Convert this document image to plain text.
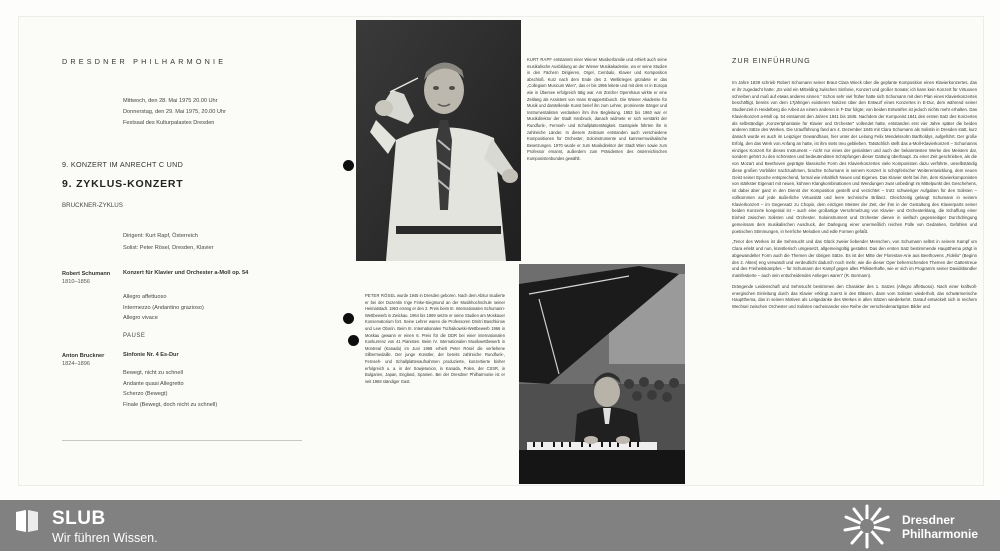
DRESDNER PHILHARMONIE
Mittwoch, den 28. Mai 1975 20.00 Uhr
Donnerstag, den 29. Mai 1975, 20.00 Uhr
Festsaal des Kulturpalastes Dresden
9. KONZERT IM ANRECHT C UND
9. ZYKLUS-KONZERT
BRUCKNER-ZYKLUS
Dirigent: Kurt Rapf, Österreich
Solist: Peter Rösel, Dresden, Klavier
Robert Schumann
1810–1856
Konzert für Klavier und Orchester a-Moll op. 54
Allegro affettuoso
Intermezzo (Andantino grazioso)
Allegro vivace
PAUSE
Anton Bruckner
1824–1896
Sinfonie Nr. 4 Es-Dur
Bewegt, nicht zu schnell
Andante quasi Allegretto
Scherzo (Bewegt)
Finale (Bewegt, doch nicht zu schnell)
KURT RAPF entstammt einer Wiener Musikerfamilie und erhielt auch seine musikalische Ausbildung an der Wiener Musikakademie, wo er seine Studien in den Fächern Dirigieren, Orgel, Cembalo, Klavier und Komposition abschloß. Kurz nach dem Ende des 2. Weltkrieges gründete er das „Collegium Musicum Wien“, das er bis 1956 leitete und mit dem er in Europa wie in Übersee erfolgreich tätig war. Am Zürcher Opernhaus wirkte er eine Zeitlang als Assistent von Hans Knappertsbusch. Die Wiener Akademie für Musik und darstellende Kunst berief ihn zum Lehrer, prominente Sänger und Instrumentalisten verdanken ihm ihre Begleitung. 1953 bis 1960 war er Musikdirektor der Stadt Innsbruck, danach widmete er sich verstärkt der Rundfunk-, Fernseh- und Schallplattentätigkeit. Gastspiele führten ihn in zahlreiche Länder. In diesem Zeitraum entstanden auch verschiedene Kompositionen für Orchester, Soloinstrumente und kammermusikalische Besetzungen. 1970 wurde er zum Musikdirektor der Stadt Wien sowie zum Professor ernannt, außerdem zum Präsidenten des österreichischen Komponistenbundes gewählt.
PETER RÖSEL wurde 1945 in Dresden geboren. Nach dem Abitur studierte er bei der Dozentin Inge Finke-Siegmund an der Musikhochschule seiner Heimatstadt. 1963 errang er den 2. Preis beim III. Internationalen Schumann-Wettbewerb in Zwickau. 1964 bis 1969 setzte er seine Studien am Moskauer Konservatorium fort. Seine Lehrer waren die Professoren Dmitri Baschkirow und Lew Oborin. Beim III. Internationalen Tschaikowski-Wettbewerb 1966 in Moskau gewann er einen 6. Preis für die DDR bei einer internationalen Konkurrenz von 41 Pianisten. Beim IV. Internationalen Musikwettbewerb in Montreal (Kanada) im Juni 1968 erhielt Peter Rösel die verliehene Silbermedaille. Der junge Künstler, der bereits zahlreiche Rundfunk-, Fernseh- und Schallplattenaufnahmen produzierte, konzertierte bisher erfolgreich u. a. in der Sowjetunion, in Kanada, Polen, der CSSR, in Bulgarien, Japan, England, Spanien. Bei der Dresdner Philharmonie ist er seit 1968 ständiger Gast.
ZUR EINFÜHRUNG

Im Jahre 1839 schrieb Robert Schumann seiner Braut Clara Wieck über die geplante Komposition eines Klavierkonzertes, das er ihr zugedacht hatte: „Es wird ein Mittelding zwischen Sinfonie, Konzert und großer Sonate; ich kann kein Konzert für Virtuosen schreiben und muß auf etwas anderes sinnen.“ Schon sehr viel früher hatte sich Schumann mit dem Plan eines Klavierkonzertes beschäftigt, bereits von dem 17jährigen existieren Notizen über den Entwurf eines Konzertes in E-Dur, dem während seiner Studienzeit in Heidelberg die Arbeit an einem anderen in F-Dur folgte; von beiden Entwürfen ist jedoch nichts mehr erhalten. Das Klavierkonzert a-Moll op. 54 entsammt den Jahren 1841 bis 1845. Nachdem der Komponist 1841 den ersten Satz des Konzertes als selbständige „Konzertphantasie für Klavier und Orchester“ vollendet hatte, entstanden erst vier Jahre später die beiden anderen Sätze des Werkes. Die Uraufführung fand am 4. Dezember 1845 mit Clara Schumann als Solistin in Dresden statt, kurz danach wurde es auch im Leipziger Gewandhaus, hier unter der Leitung Felix Mendelssohn Bartholdys, aufgeführt. Der große Erfolg, den das Werk von Anfang an hatte, ist ihm stets treu geblieben. Tatsächlich stellt das a-Moll-Klavierkonzert – Schumanns einziges Konzert für dieses Instrument – nicht nur eines der genialsten und auch der bekanntesten Werke des Meisters dar, sondern gehört zu den schönsten und bedeutendsten Schöpfungen dieser Gattung überhaupt. Zu einer Zeit geschrieben, als die von Mozart und Beethoven geprägte klassische Form des Klavierkonzertes viele Komponisten dazu verführte, unselbständig diese großen Vorbilder nachzuahmen, brachte Schumann in seinem Konzert in schöpferischer Weiterentwicklung, dem neuen Geist seiner Epoche entsprechend, formal wie inhaltlich Neues und Eigenes. Das Klavier steht bei ihm, dem Klavierkomponisten von stärkster Eigenart mit neuen, kühnen Klangkombinationen und Wendungen zwar unbedingt im Mittelpunkt des Geschehens, ist dabei aber ganz in den Dienst der Komposition gestellt und verzichtet – trotz schwieriger Aufgaben für den Solisten – vollkommen auf jede äußerliche Virtuosität und leere technische Brillanz. Gleichzeitig gelangt Schumann in seinem Klavierkonzert – im Gegensatz zu Chopin, dem einzigen Meister der Zeit, der ihm in der Gestaltung des Klavierparts seiner beiden Konzerte kongenial ist – auch eine großartige Verschmelzung von Klavier- und Orchesterklang, die Schaffung einer Einheit zwischen Solisten und Orchester. Soloinstrument und Orchester dienen in vielfach gegenseitiger Durchdringung gemeinsam dem musikalischen Ausdruck, der Darlegung einer unermeßlich reichen Fülle von Gedanken, Gefühlen und poetischen Stimmungen, in herrliche Melodien und edle Formen gefaßt.

„Tenor des Werkes ist die Sehnsucht und das Glück zweier liebender Menschen, von Schumann selbst in seinem Kampf um Clara erlebt und nun, künstlerisch umgesetzt, allgemeingültig gestaltet. Das den ersten Satz bestimmende Hauptthema prägt in abgewandelter Form auch die Themen der übrigen Sätze. Es ist der Mitte der Florestan-Arie aus Beethovens „Fidelio“ (Beginn des 2. Aktes) eng verwandt und verdeutlicht dadurch noch mehr, wie die dieser Oper beherrschenden Themen der Gattentreue und des Freiheitskampfes – für Schumann der Kampf gegen alles Philisterhafte, wie er sich im Programm seiner Davidsbündler manifestierte – auch sein entscheidendes Anliegen waren“ (R. Bormann).

Drängende Leidenschaft und Sehnsucht bestimmen den Charakter des 1. Satzes (Allegro affettuoso). Nach einer kraftvoll-energischen Einleitung durch das Klavier erklingt zuerst in den Bläsern, dann vom Solisten wiederholt, das schwärmerische Hauptthema, das in seinen Motiven als Leitgedanke des Werkes in allen Sätzen wiederkehrt. Darauf entwickelt sich in reichem Wechsel zwischen Orchester und Solisten nacheinander eine Reihe der verschiedenartigsten Bilder und

SLUB
Wir führen Wissen.
Dresdner
Philharmonie
